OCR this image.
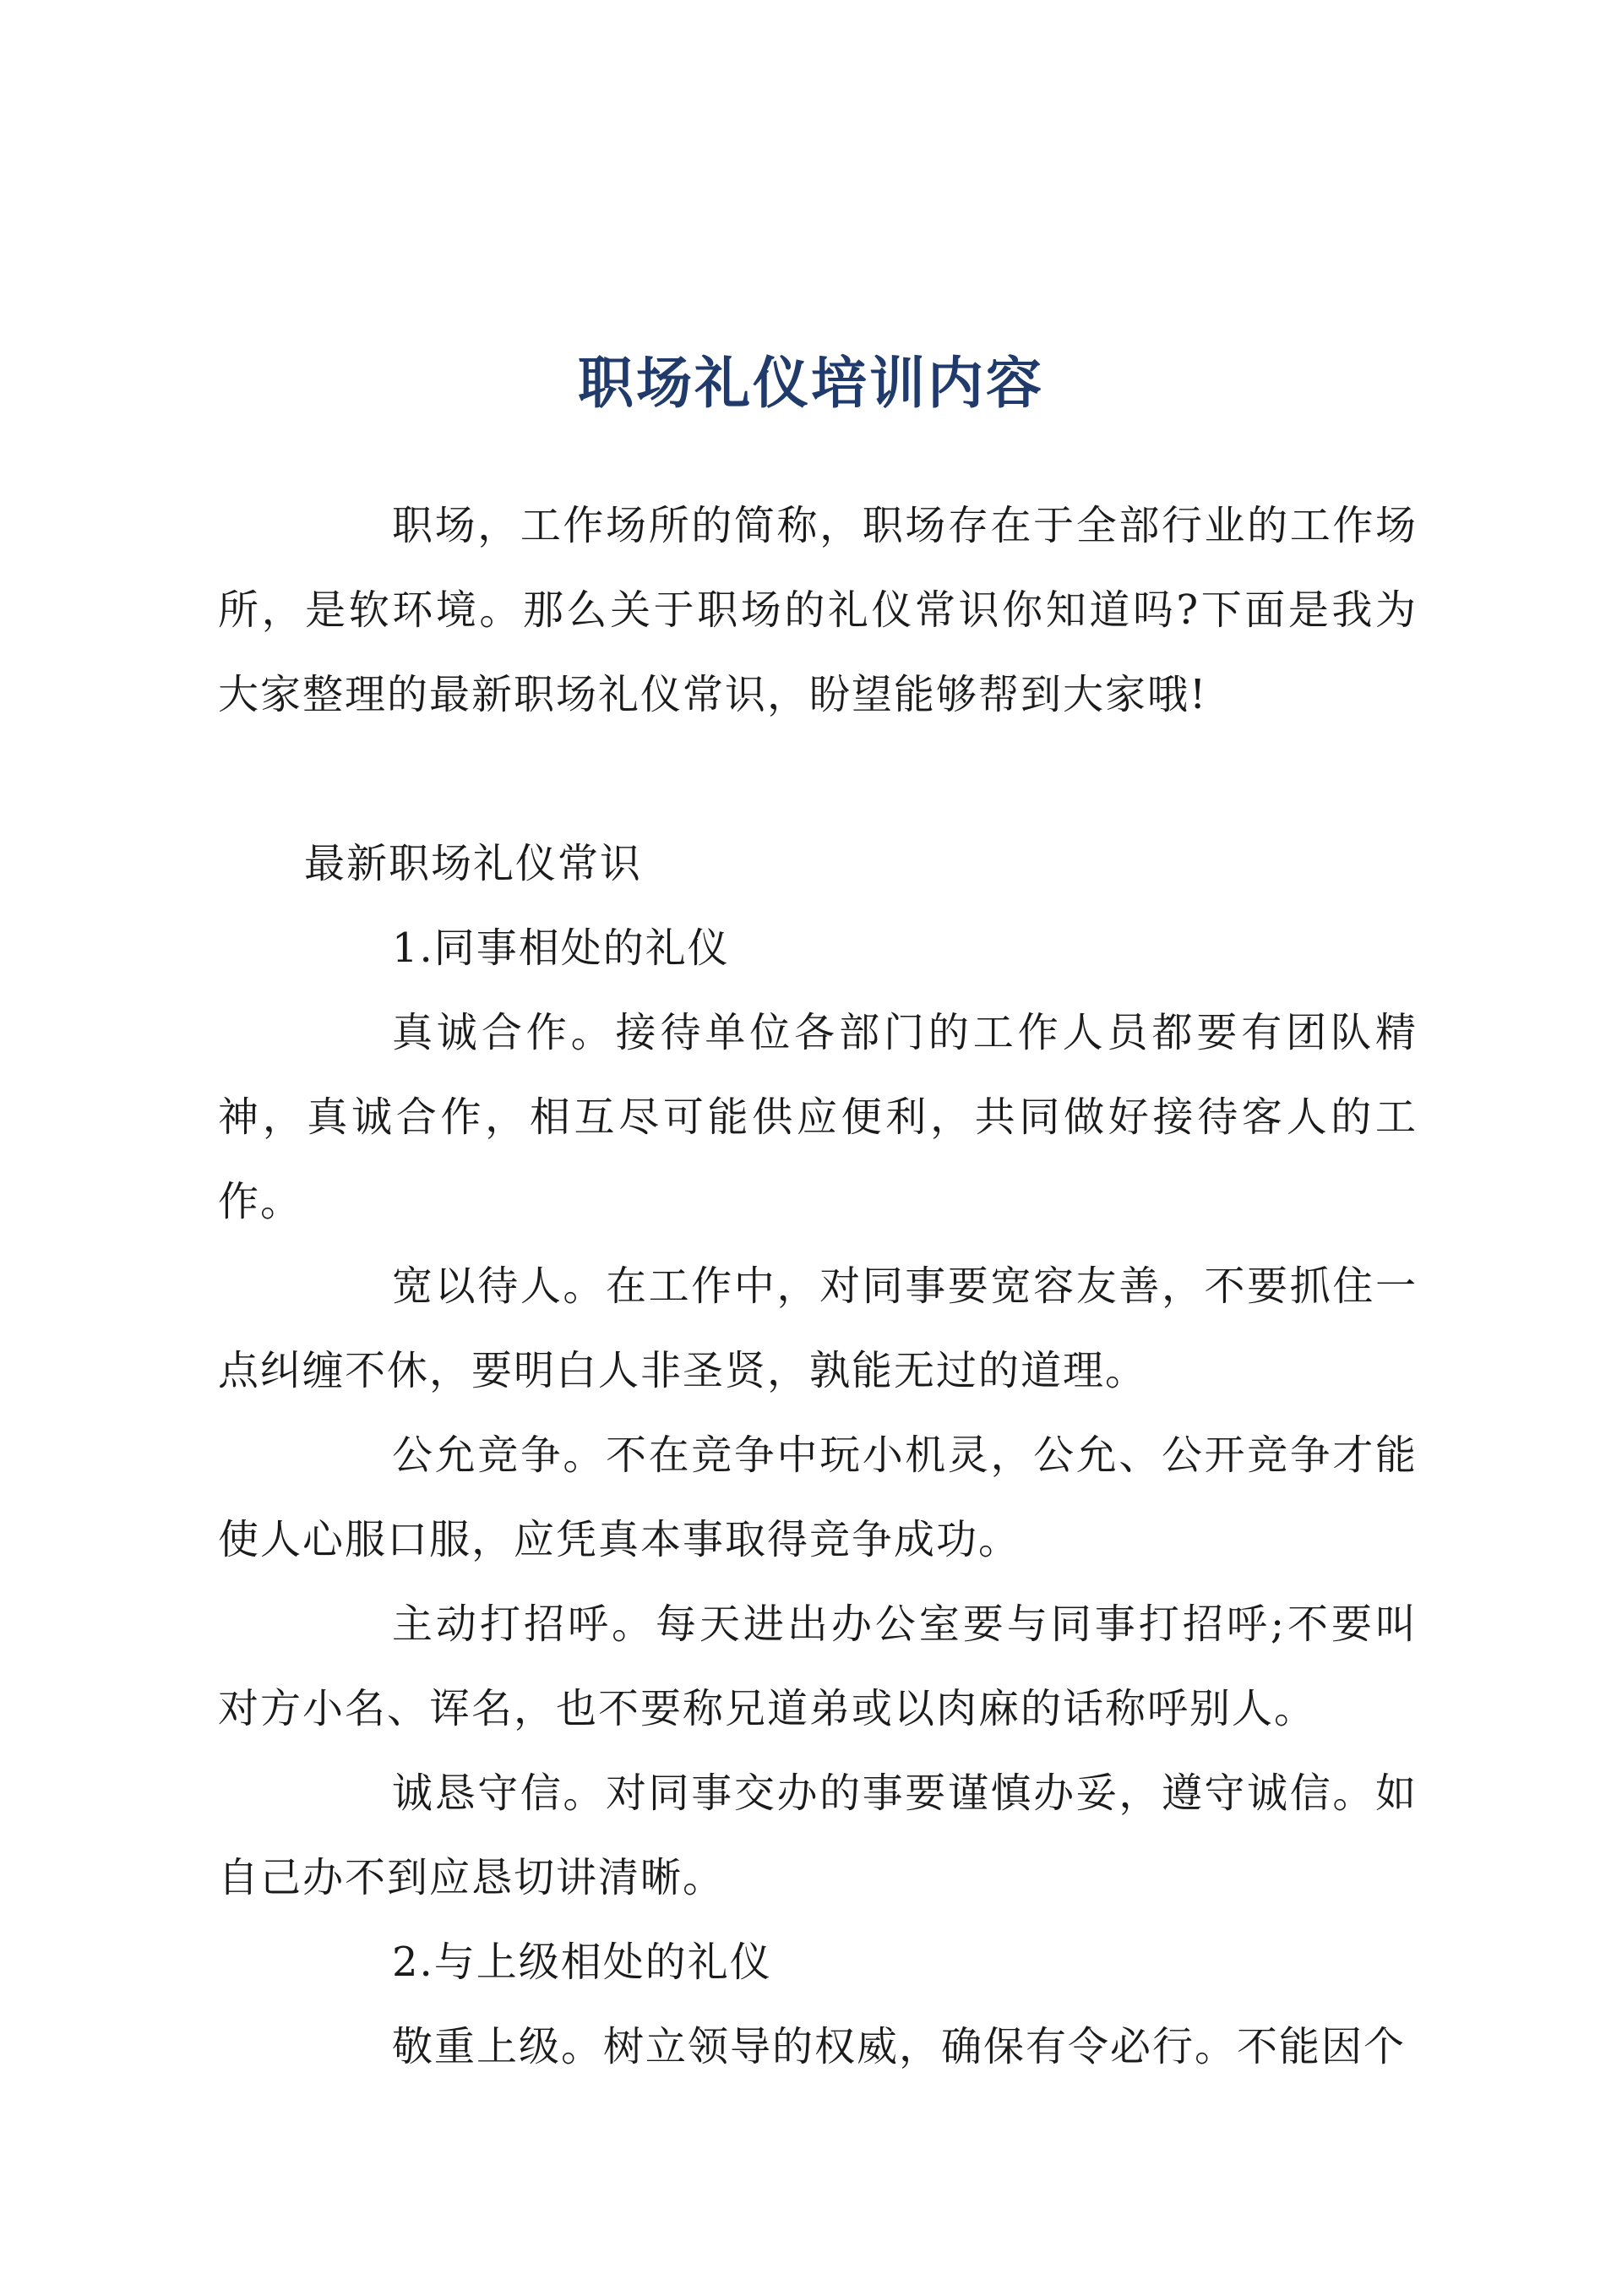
职场礼仪培训内容

职场，工作场所的简称，职场存在于全部行业的工作场所，是软环境。那么关于职场的礼仪常识你知道吗?下面是我为大家整理的最新职场礼仪常识，盼望能够帮到大家哦!

最新职场礼仪常识

1.同事相处的礼仪

真诚合作。接待单位各部门的工作人员都要有团队精神，真诚合作，相互尽可能供应便利，共同做好接待客人的工作。

宽以待人。在工作中，对同事要宽容友善，不要抓住一点纠缠不休，要明白人非圣贤，孰能无过的道理。

公允竞争。不在竞争中玩小机灵，公允、公开竞争才能使人心服口服，应凭真本事取得竞争成功。

主动打招呼。每天进出办公室要与同事打招呼;不要叫对方小名、诨名，也不要称兄道弟或以肉麻的话称呼别人。

诚恳守信。对同事交办的事要谨慎办妥，遵守诚信。如自己办不到应恳切讲清晰。

2.与上级相处的礼仪

敬重上级。树立领导的权威，确保有令必行。不能因个
